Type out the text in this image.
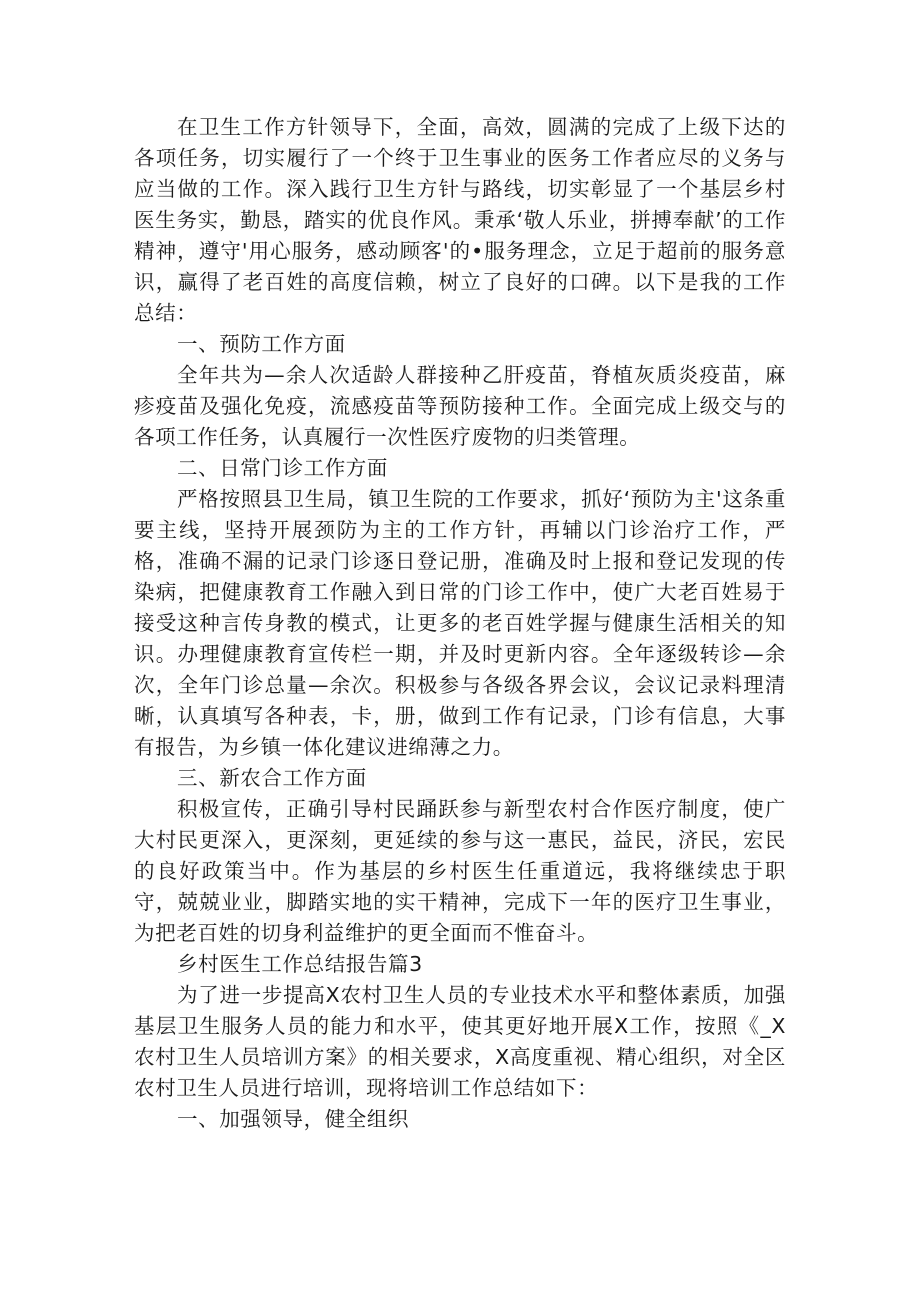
在卫生工作方针领导下，全面，高效，圆满的完成了上级下达的各项任务，切实履行了一个终于卫生事业的医务工作者应尽的义务与应当做的工作。深入践行卫生方针与路线，切实彰显了一个基层乡村医生务实，勤恳，踏实的优良作风。秉承‘敬人乐业，拼搏奉献’的工作精神，遵守'用心服务，感动顾客'的•服务理念，立足于超前的服务意识，赢得了老百姓的高度信赖，树立了良好的口碑。以下是我的工作总结：

一、预防工作方面

全年共为—余人次适龄人群接种乙肝疫苗，脊植灰质炎疫苗，麻疹疫苗及强化免疫，流感疫苗等预防接种工作。全面完成上级交与的各项工作任务，认真履行一次性医疗废物的归类管理。

二、日常门诊工作方面

严格按照县卫生局，镇卫生院的工作要求，抓好‘预防为主'这条重要主线，坚持开展颈防为主的工作方针，再辅以门诊治疗工作，严格，准确不漏的记录门诊逐日登记册，准确及时上报和登记发现的传染病，把健康教育工作融入到日常的门诊工作中，使广大老百姓易于接受这种言传身教的模式，让更多的老百姓学握与健康生活相关的知识。办理健康教育宣传栏一期，并及时更新内容。全年逐级转诊—余次，全年门诊总量—余次。积极参与各级各界会议，会议记录料理清晰，认真填写各种表，卡，册，做到工作有记录，门诊有信息，大事有报告，为乡镇一体化建议进绵薄之力。

三、新农合工作方面

积极宣传，正确引导村民踊跃参与新型农村合作医疗制度，使广大村民更深入，更深刻，更延续的参与这一惠民，益民，济民，宏民的良好政策当中。作为基层的乡村医生任重道远，我将继续忠于职守，兢兢业业，脚踏实地的实干精神，完成下一年的医疗卫生事业，为把老百姓的切身利益维护的更全面而不惟奋斗。

乡村医生工作总结报告篇3

为了进一步提高X农村卫生人员的专业技术水平和整体素质，加强基层卫生服务人员的能力和水平，使其更好地开展X工作，按照《_X农村卫生人员培训方案》的相关要求，X高度重视、精心组织，对全区农村卫生人员进行培训，现将培训工作总结如下：

一、加强领导，健全组织
